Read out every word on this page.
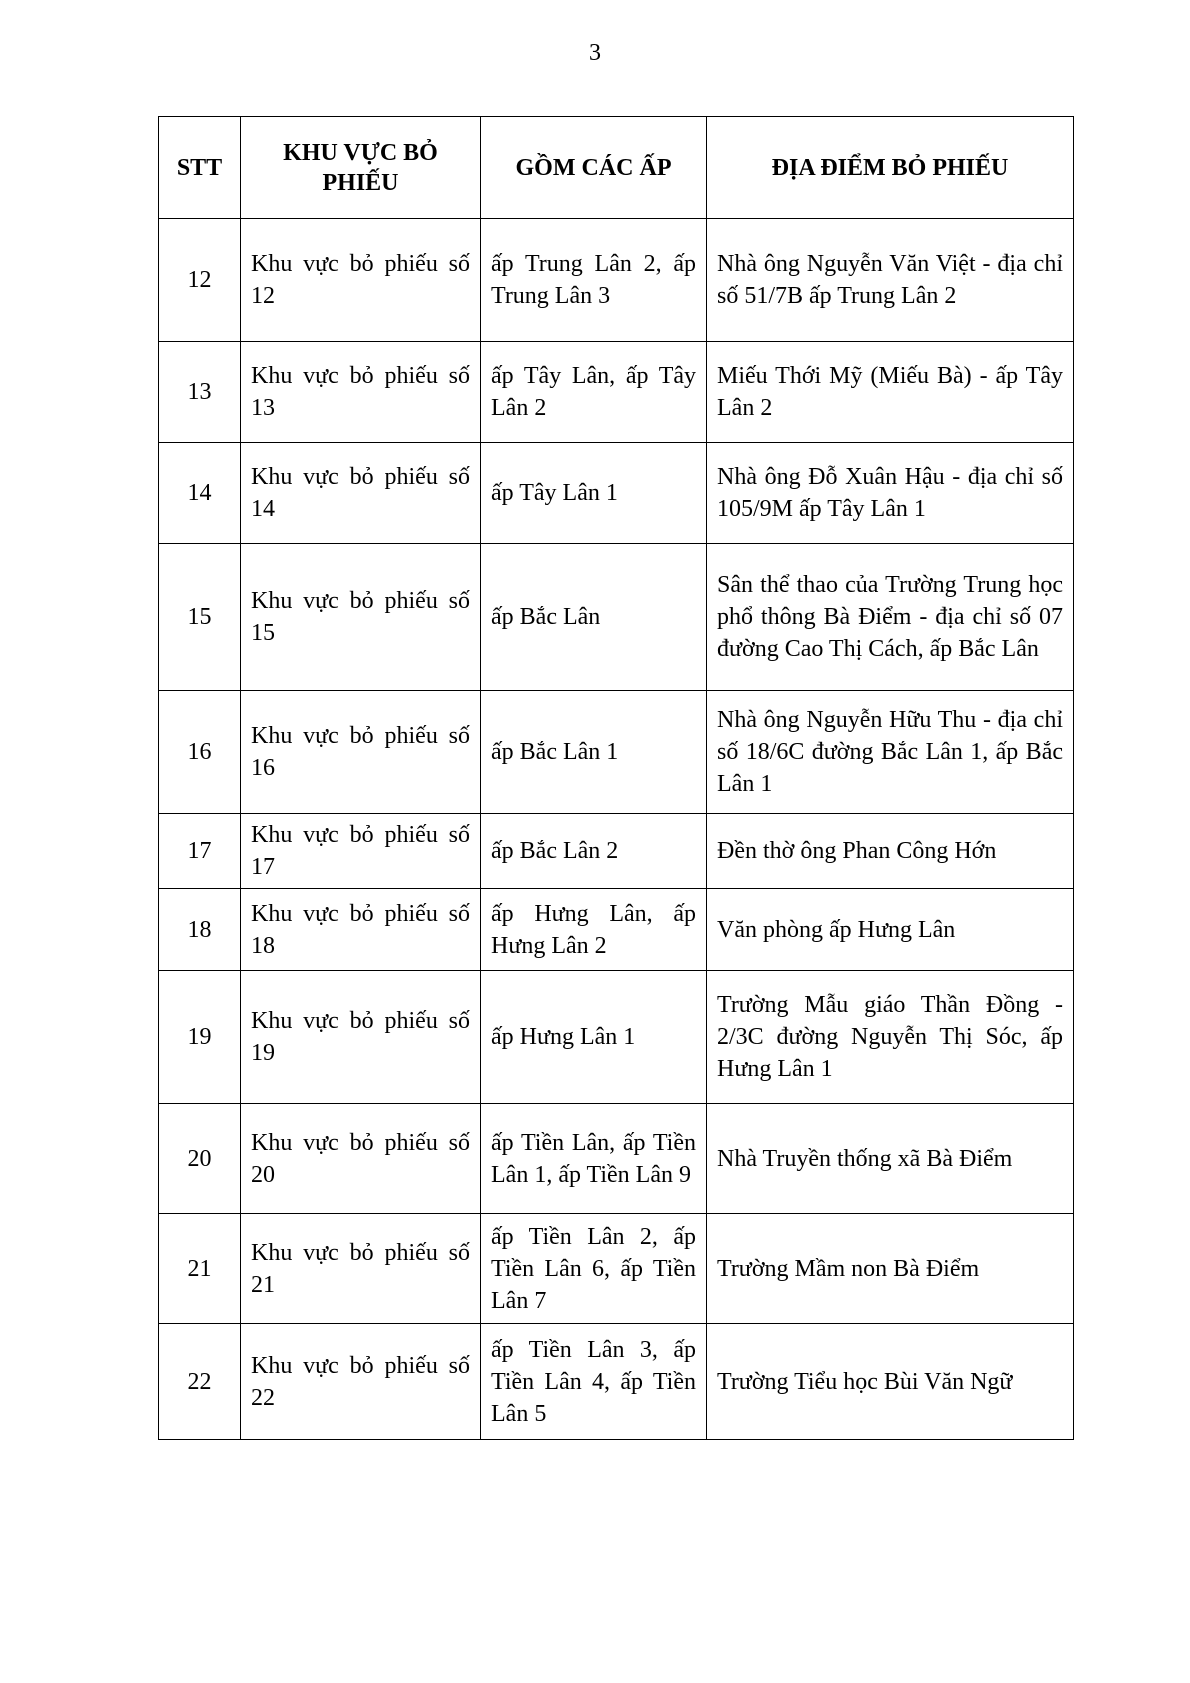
3
STT	KHU VỰC BỎ PHIẾU	GỒM CÁC ẤP	ĐỊA ĐIỂM BỎ PHIẾU
12	Khu vực bỏ phiếu số 12	ấp Trung Lân 2, ấp Trung Lân 3	Nhà ông Nguyễn Văn Việt - địa chỉ số 51/7B ấp Trung Lân 2
13	Khu vực bỏ phiếu số 13	ấp Tây Lân, ấp Tây Lân 2	Miếu Thới Mỹ (Miếu Bà) - ấp Tây Lân 2
14	Khu vực bỏ phiếu số 14	ấp Tây Lân 1	Nhà ông Đỗ Xuân Hậu - địa chỉ số 105/9M ấp Tây Lân 1
15	Khu vực bỏ phiếu số 15	ấp Bắc Lân	Sân thể thao của Trường Trung học phổ thông Bà Điểm - địa chỉ số 07 đường Cao Thị Cách, ấp Bắc Lân
16	Khu vực bỏ phiếu số 16	ấp Bắc Lân 1	Nhà ông Nguyễn Hữu Thu - địa chỉ số 18/6C đường Bắc Lân 1, ấp Bắc Lân 1
17	Khu vực bỏ phiếu số 17	ấp Bắc Lân 2	Đền thờ ông Phan Công Hớn
18	Khu vực bỏ phiếu số 18	ấp Hưng Lân, ấp Hưng Lân 2	Văn phòng ấp Hưng Lân
19	Khu vực bỏ phiếu số 19	ấp Hưng Lân 1	Trường Mẫu giáo Thần Đồng - 2/3C đường Nguyễn Thị Sóc, ấp Hưng Lân 1
20	Khu vực bỏ phiếu số 20	ấp Tiền Lân, ấp Tiền Lân 1, ấp Tiền Lân 9	Nhà Truyền thống xã Bà Điểm
21	Khu vực bỏ phiếu số 21	ấp Tiền Lân 2, ấp Tiền Lân 6, ấp Tiền Lân 7	Trường Mầm non Bà Điểm
22	Khu vực bỏ phiếu số 22	ấp Tiền Lân 3, ấp Tiền Lân 4, ấp Tiền Lân 5	Trường Tiểu học Bùi Văn Ngữ
